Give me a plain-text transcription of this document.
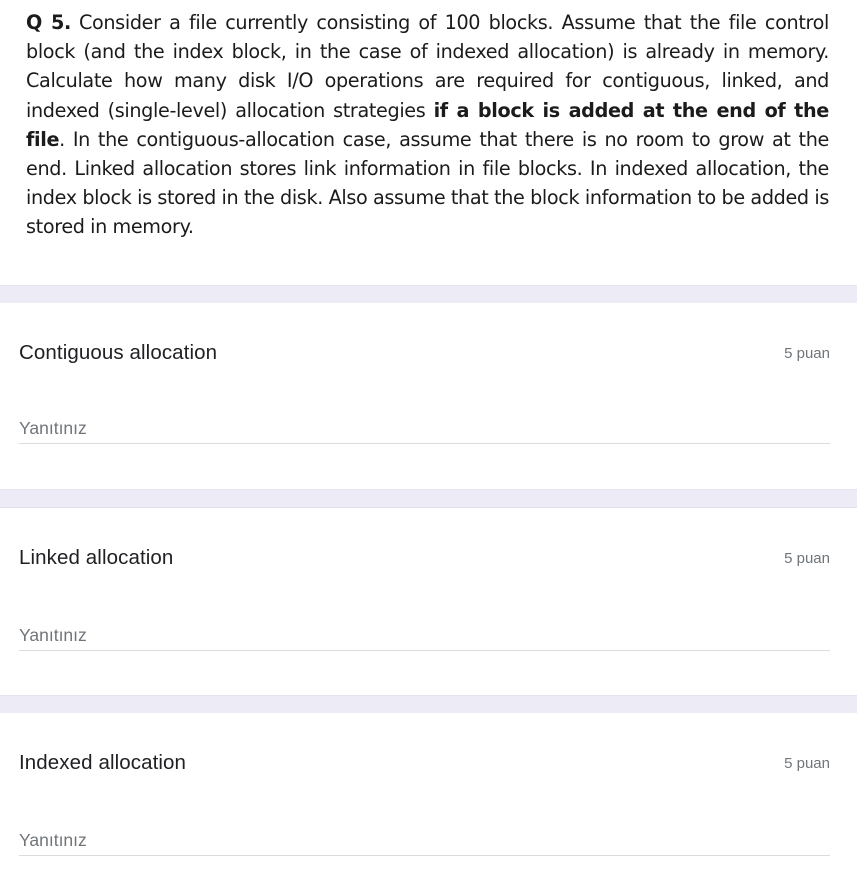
Q 5. Consider a file currently consisting of 100 blocks. Assume that the file control block (and the index block, in the case of indexed allocation) is already in memory. Calculate how many disk I/O operations are required for contiguous, linked, and indexed (single-level) allocation strategies if a block is added at the end of the file. In the contiguous-allocation case, assume that there is no room to grow at the end. Linked allocation stores link information in file blocks. In indexed allocation, the index block is stored in the disk. Also assume that the block information to be added is stored in memory.
Contiguous allocation	5 puan
Yanıtınız
Linked allocation	5 puan
Yanıtınız
Indexed allocation	5 puan
Yanıtınız
